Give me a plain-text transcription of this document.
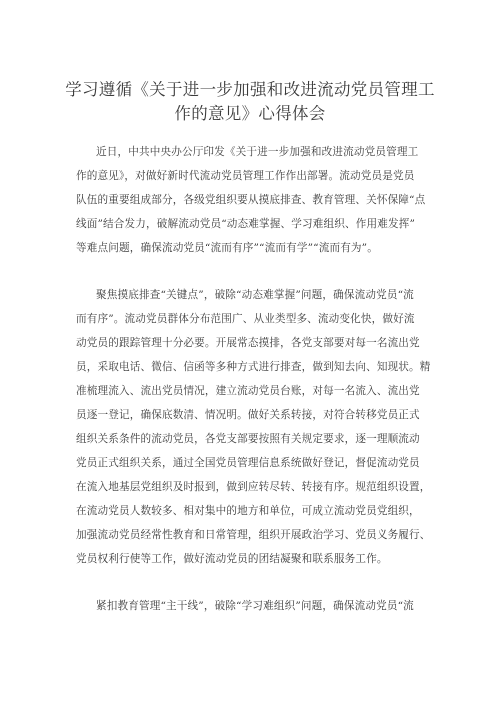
学习遵循《关于进一步加强和改进流动党员管理工
作的意见》心得体会
近日，中共中央办公厅印发《关于进一步加强和改进流动党员管理工
作的意见》，对做好新时代流动党员管理工作作出部署。流动党员是党员
队伍的重要组成部分，各级党组织要从摸底排查、教育管理、关怀保障“点
线面”结合发力，破解流动党员“动态难掌握、学习难组织、作用难发挥”
等难点问题，确保流动党员“流而有序”“流而有学”“流而有为”。
聚焦摸底排查“关键点”，破除“动态难掌握”问题，确保流动党员“流
而有序”。流动党员群体分布范围广、从业类型多、流动变化快，做好流
动党员的跟踪管理十分必要。开展常态摸排，各党支部要对每一名流出党
员，采取电话、微信、信函等多种方式进行排查，做到知去向、知现状。精
准梳理流入、流出党员情况，建立流动党员台账，对每一名流入、流出党
员逐一登记，确保底数清、情况明。做好关系转接，对符合转移党员正式
组织关系条件的流动党员，各党支部要按照有关规定要求，逐一理顺流动
党员正式组织关系，通过全国党员管理信息系统做好登记，督促流动党员
在流入地基层党组织及时报到，做到应转尽转、转接有序。规范组织设置，
在流动党员人数较多、相对集中的地方和单位，可成立流动党员党组织，
加强流动党员经常性教育和日常管理，组织开展政治学习、党员义务履行、
党员权利行使等工作，做好流动党员的团结凝聚和联系服务工作。
紧扣教育管理“主干线”，破除“学习难组织”问题，确保流动党员“流
